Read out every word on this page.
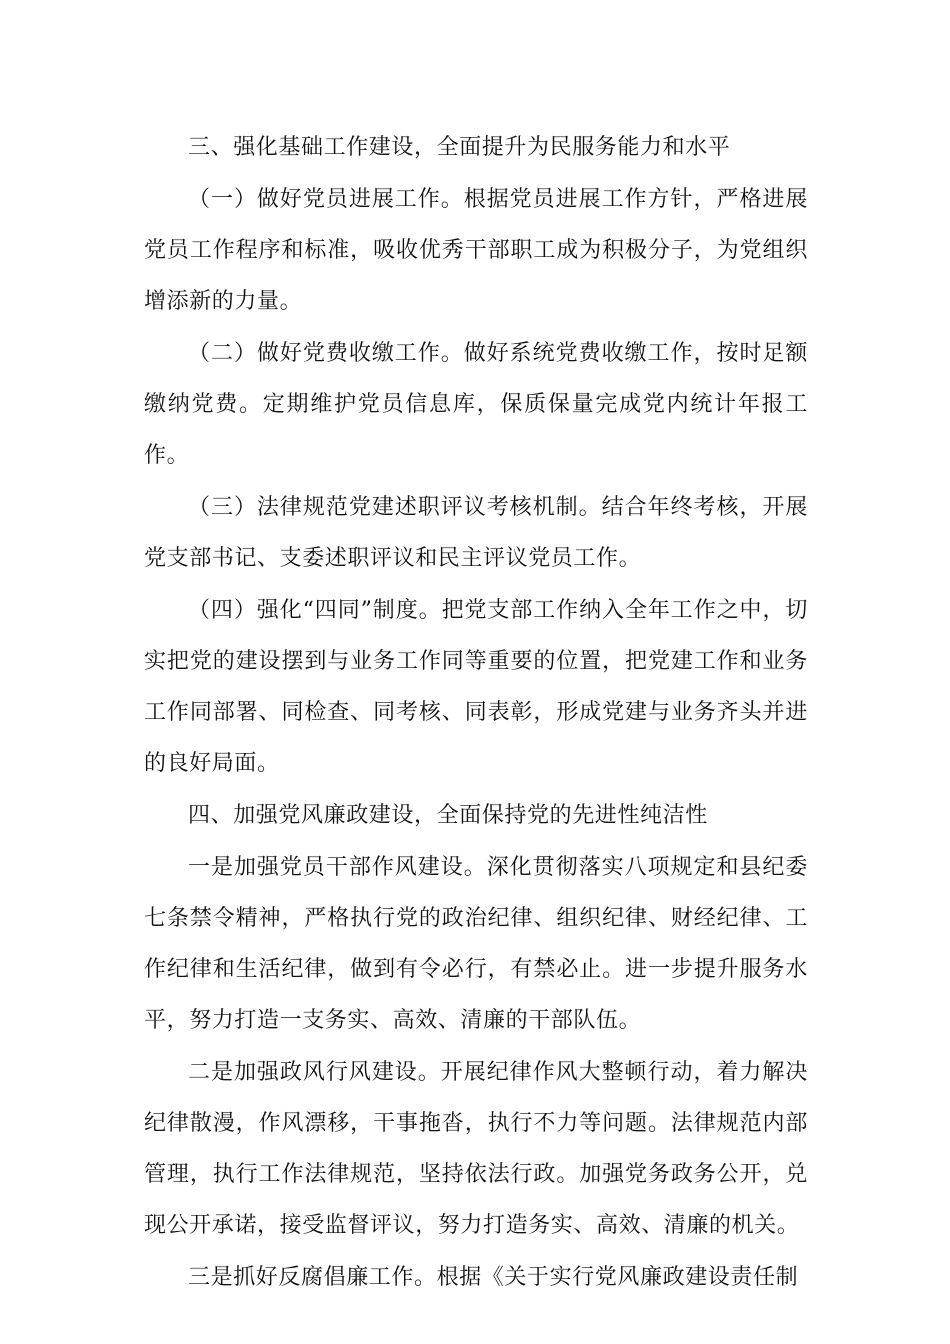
三、强化基础工作建设，全面提升为民服务能力和水平

（一）做好党员进展工作。根据党员进展工作方针，严格进展党员工作程序和标准，吸收优秀干部职工成为积极分子，为党组织增添新的力量。

（二）做好党费收缴工作。做好系统党费收缴工作，按时足额缴纳党费。定期维护党员信息库，保质保量完成党内统计年报工作。

（三）法律规范党建述职评议考核机制。结合年终考核，开展党支部书记、支委述职评议和民主评议党员工作。

（四）强化“四同”制度。把党支部工作纳入全年工作之中，切实把党的建设摆到与业务工作同等重要的位置，把党建工作和业务工作同部署、同检查、同考核、同表彰，形成党建与业务齐头并进的良好局面。

四、加强党风廉政建设，全面保持党的先进性纯洁性

一是加强党员干部作风建设。深化贯彻落实八项规定和县纪委七条禁令精神，严格执行党的政治纪律、组织纪律、财经纪律、工作纪律和生活纪律，做到有令必行，有禁必止。进一步提升服务水平，努力打造一支务实、高效、清廉的干部队伍。

二是加强政风行风建设。开展纪律作风大整顿行动，着力解决纪律散漫，作风漂移，干事拖沓，执行不力等问题。法律规范内部管理，执行工作法律规范，坚持依法行政。加强党务政务公开，兑现公开承诺，接受监督评议，努力打造务实、高效、清廉的机关。

三是抓好反腐倡廉工作。根据《关于实行党风廉政建设责任制
